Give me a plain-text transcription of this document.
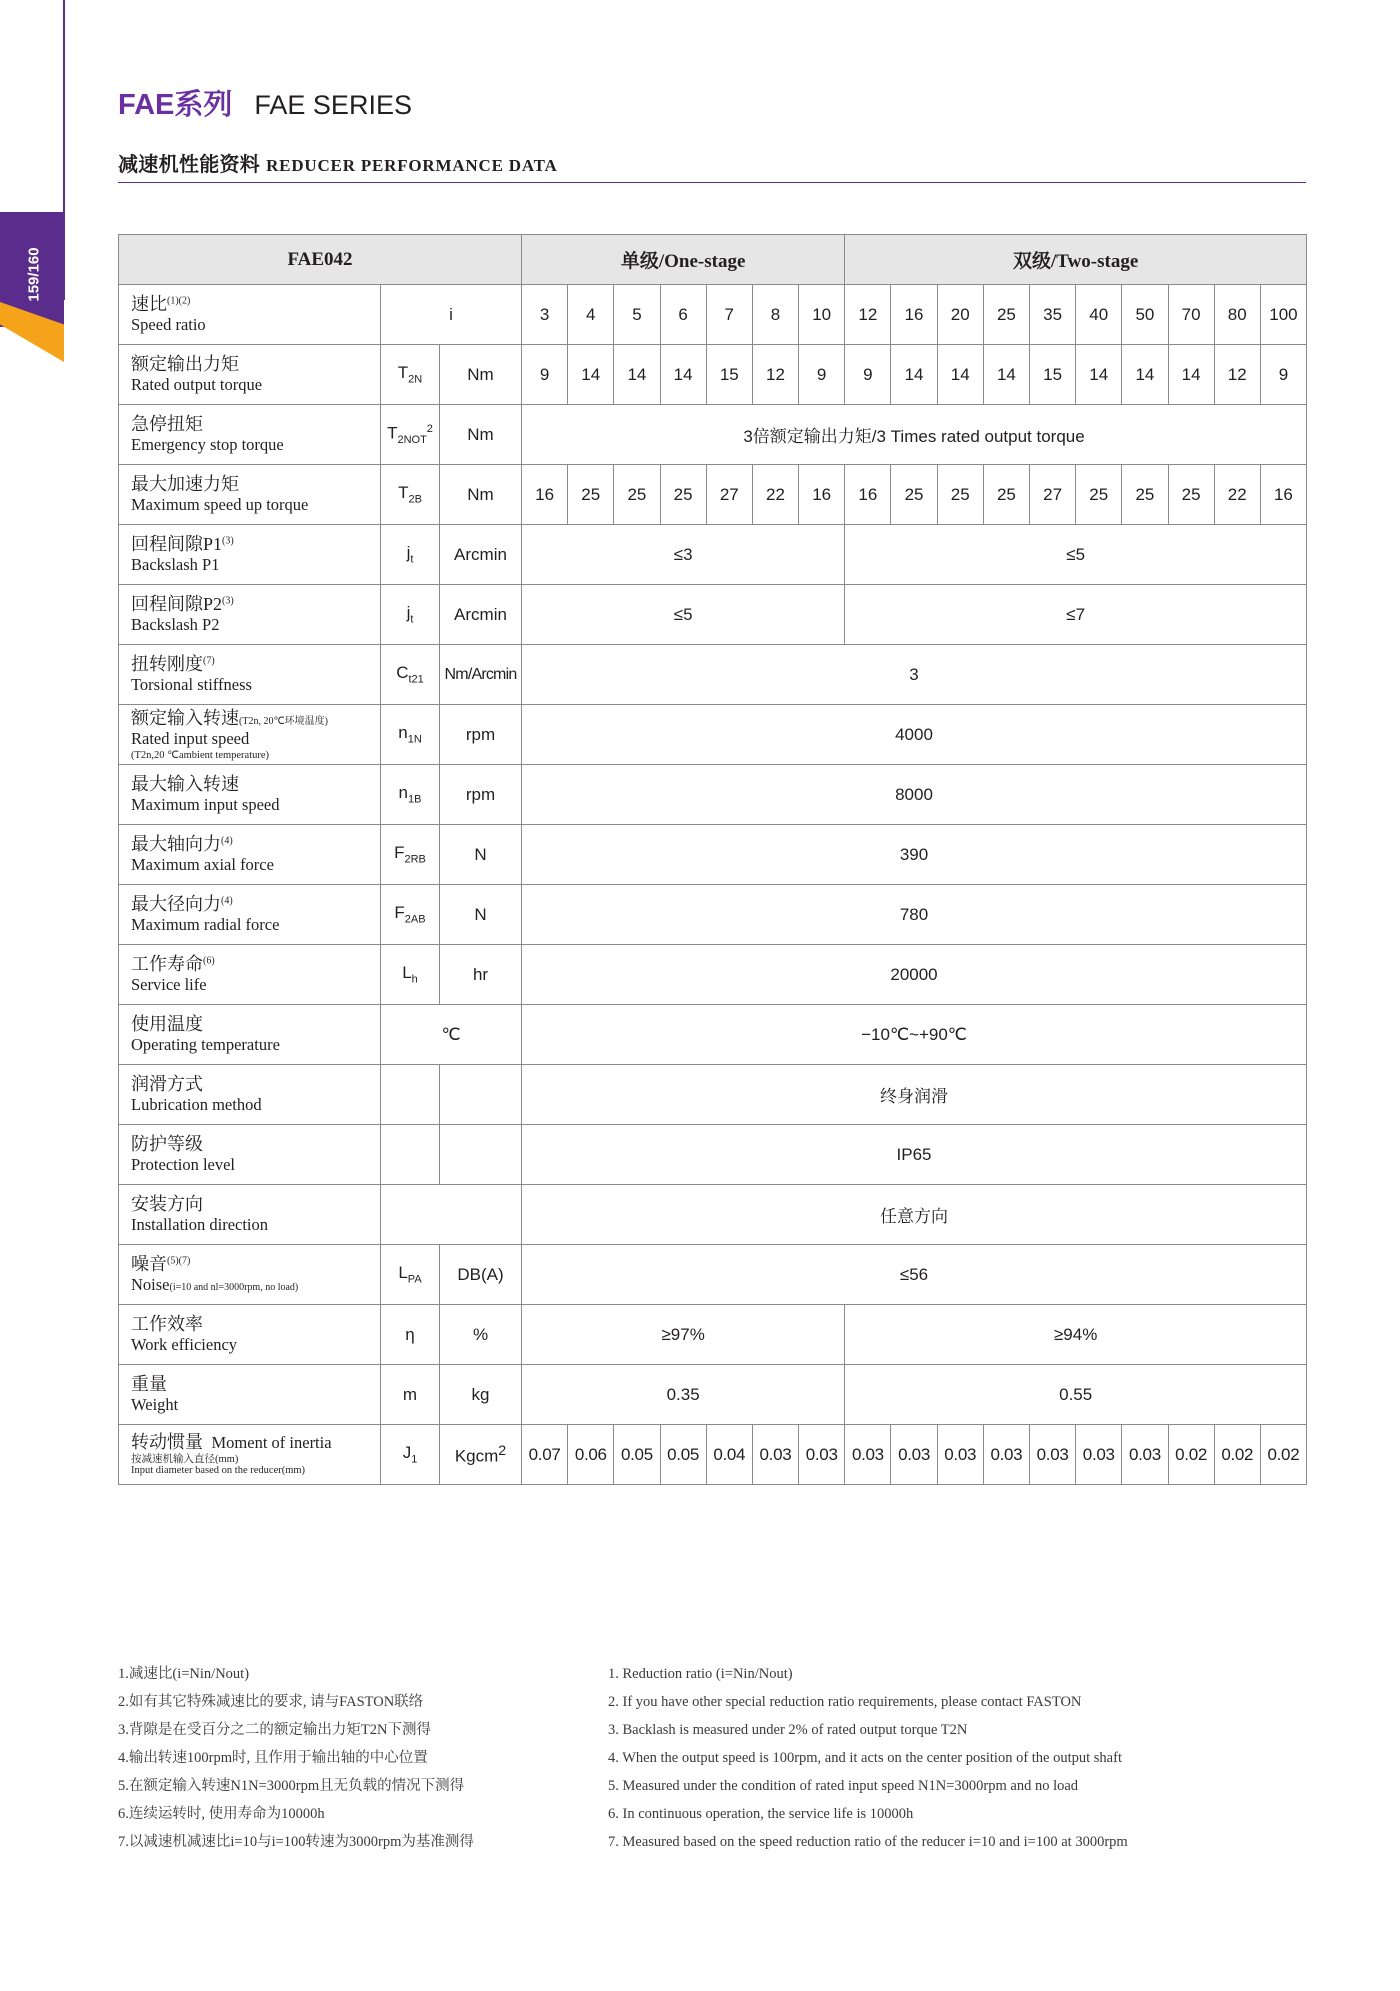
159/160
FAE系列 FAE SERIES
减速机性能资料 REDUCER PERFORMANCE DATA
FAE042			单级/One-stage							双级/Two-stage									
速比$^{(1)(2)}$
Speed ratio	i		3	4	5	6	7	8	10	12	16	20	25	35	40	50	70	80	100
额定输出力矩
Rated output torque	$T_{2N}$	Nm	9	14	14	14	15	12	9	9	14	14	14	15	14	14	14	12	9
急停扭矩
Emergency stop torque	$T_{2NOT}^2$	Nm	3倍额定输出力矩/3 Times rated output torque																
最大加速力矩
Maximum speed up torque	$T_{2B}$	Nm	16	25	25	25	27	22	16	16	25	25	25	27	25	25	25	22	16
回程间隙P1$^{(3)}$
Backslash P1	$j_t$	Arcmin	≤3							≤5									
回程间隙P2$^{(3)}$
Backslash P2	$j_t$	Arcmin	≤5							≤7									
扭转刚度$^{(7)}$
Torsional stiffness	$C_{t21}$	Nm/Arcmin	3																
额定输入转速(T2n, 20℃环境温度)
Rated input speed
(T2n,20 ℃ambient temperature)	$n_{1N}$	rpm	4000																
最大输入转速
Maximum input speed	$n_{1B}$	rpm	8000																
最大轴向力$^{(4)}$
Maximum axial force	$F_{2RB}$	N	390																
最大径向力$^{(4)}$
Maximum radial force	$F_{2AB}$	N	780																
工作寿命$^{(6)}$
Service life	$L_h$	hr	20000																
使用温度
Operating temperature	℃		−10℃~+90℃																
润滑方式
Lubrication method			终身润滑																
防护等级
Protection level			IP65																
安装方向
Installation direction			任意方向																
噪音$^{(5)(7)}$
Noise(i=10 and nl=3000rpm, no load)	$L_{PA}$	DB(A)	≤56																
工作效率
Work efficiency	η	%	≥97%							≥94%									
重量
Weight	m	kg	0.35							0.55									
转动惯量 Moment of inertia
按减速机输入直径(mm)
Input diameter based on the reducer(mm)	$J_1$	Kgcm$^2$	0.07	0.06	0.05	0.05	0.04	0.03	0.03	0.03	0.03	0.03	0.03	0.03	0.03	0.03	0.02	0.02	0.02
1.减速比(i=Nin/Nout)
2.如有其它特殊减速比的要求, 请与FASTON联络
3.背隙是在受百分之二的额定输出力矩T2N下测得
4.输出转速100rpm时, 且作用于输出轴的中心位置
5.在额定输入转速N1N=3000rpm且无负载的情况下测得
6.连续运转时, 使用寿命为10000h
7.以减速机减速比i=10与i=100转速为3000rpm为基准测得
1. Reduction ratio (i=Nin/Nout)
2. If you have other special reduction ratio requirements, please contact FASTON
3. Backlash is measured under 2% of rated output torque T2N
4. When the output speed is 100rpm, and it acts on the center position of the output shaft
5. Measured under the condition of rated input speed N1N=3000rpm and no load
6. In continuous operation, the service life is 10000h
7. Measured based on the speed reduction ratio of the reducer i=10 and i=100 at 3000rpm
